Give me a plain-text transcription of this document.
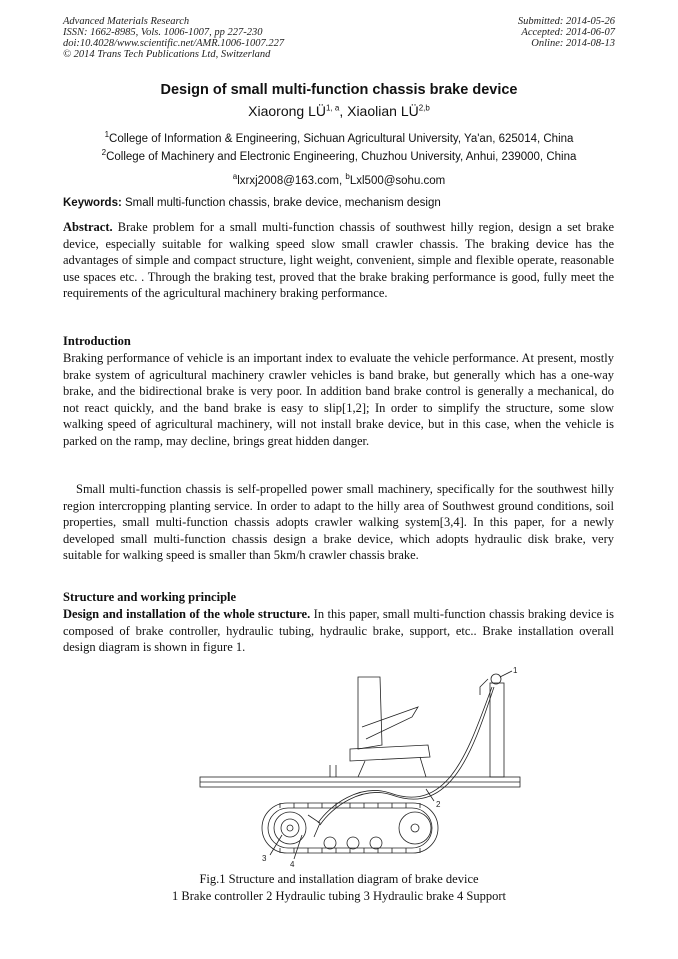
Advanced Materials Research
ISSN: 1662-8985, Vols. 1006-1007, pp 227-230
doi:10.4028/www.scientific.net/AMR.1006-1007.227
© 2014 Trans Tech Publications Ltd, Switzerland
Submitted: 2014-05-26
Accepted: 2014-06-07
Online: 2014-08-13
Design of small multi-function chassis brake device
Xiaorong LÜ$^{1, a}$, Xiaolian LÜ$^{2,b}$
$^1$College of Information & Engineering, Sichuan Agricultural University, Ya'an, 625014, China
$^2$College of Machinery and Electronic Engineering, Chuzhou University, Anhui, 239000, China
$^a$lxrxj2008@163.com, $^b$Lxl500@sohu.com
Keywords: Small multi-function chassis, brake device, mechanism design
Abstract. Brake problem for a small multi-function chassis of southwest hilly region, design a set brake device, especially suitable for walking speed slow small crawler chassis. The braking device has the advantages of simple and compact structure, light weight, convenient, simple and flexible operate, reasonable use spaces etc. . Through the braking test, proved that the brake braking performance is good, fully meet the requirements of the agricultural machinery braking performance.
Introduction
Braking performance of vehicle is an important index to evaluate the vehicle performance. At present, mostly brake system of agricultural machinery crawler vehicles is band brake, but generally which has a one-way brake, and the bidirectional brake is very poor. In addition band brake control is generally a mechanical, do not react quickly, and the band brake is easy to slip[1,2]; In order to simplify the structure, some slow walking speed of agricultural machinery, will not install brake device, but in this case, when the vehicle is parked on the ramp, may decline, brings great hidden danger.
Small multi-function chassis is self-propelled power small machinery, specifically for the southwest hilly region intercropping planting service. In order to adapt to the hilly area of Southwest ground conditions, soil properties, small multi-function chassis adopts crawler walking system[3,4]. In this paper, for a newly developed small multi-function chassis design a brake device, which adopts hydraulic disk brake, very suitable for walking speed is smaller than 5km/h crawler chassis brake.
Structure and working principle
Design and installation of the whole structure. In this paper, small multi-function chassis braking device is composed of brake controller, hydraulic tubing, hydraulic brake, support, etc.. Brake installation overall design diagram is shown in figure 1.
1
2
3
4
Fig.1 Structure and installation diagram of brake device
1 Brake controller 2 Hydraulic tubing 3 Hydraulic brake 4 Support
